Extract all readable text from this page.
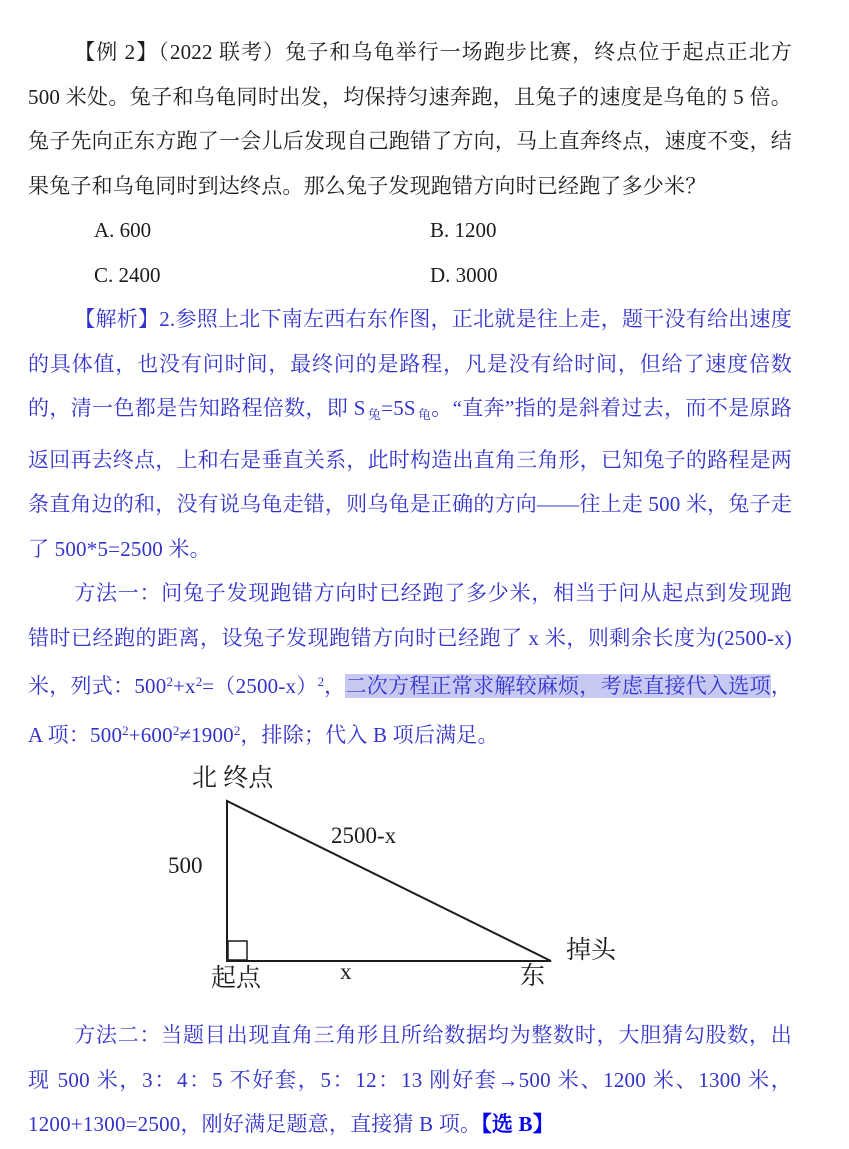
【例 2】（2022 联考）兔子和乌龟举行一场跑步比赛，终点位于起点正北方 500 米处。兔子和乌龟同时出发，均保持匀速奔跑，且兔子的速度是乌龟的 5 倍。兔子先向正东方跑了一会儿后发现自己跑错了方向，马上直奔终点，速度不变，结果兔子和乌龟同时到达终点。那么兔子发现跑错方向时已经跑了多少米？

A. 600	B. 1200
C. 2400	D. 3000

【解析】2.参照上北下南左西右东作图，正北就是往上走，题干没有给出速度的具体值，也没有问时间，最终问的是路程，凡是没有给时间，但给了速度倍数的，清一色都是告知路程倍数，即 S $_兔$=5S $_龟$。“直奔”指的是斜着过去，而不是原路返回再去终点，上和右是垂直关系，此时构造出直角三角形，已知兔子的路程是两条直角边的和，没有说乌龟走错，则乌龟是正确的方向——往上走 500 米，兔子走了 500*5=2500 米。

方法一：问兔子发现跑错方向时已经跑了多少米，相当于问从起点到发现跑错时已经跑的距离，设兔子发现跑错方向时已经跑了 x 米，则剩余长度为(2500-x)米，列式：$500^2+x^2=(2500-x)^2$，二次方程正常求解较麻烦，考虑直接代入选项，A 项：$500^2+600^2\ne 1900^2$，排除；代入 B 项后满足。

北 终点
500
2500-x
起点	x	东
掉头

方法二：当题目出现直角三角形且所给数据均为整数时，大胆猜勾股数，出现 500 米，3：4：5 不好套，5：12：13 刚好套→500 米、1200 米、1300 米，1200+1300=2500，刚好满足题意，直接猜 B 项。【选 B】
